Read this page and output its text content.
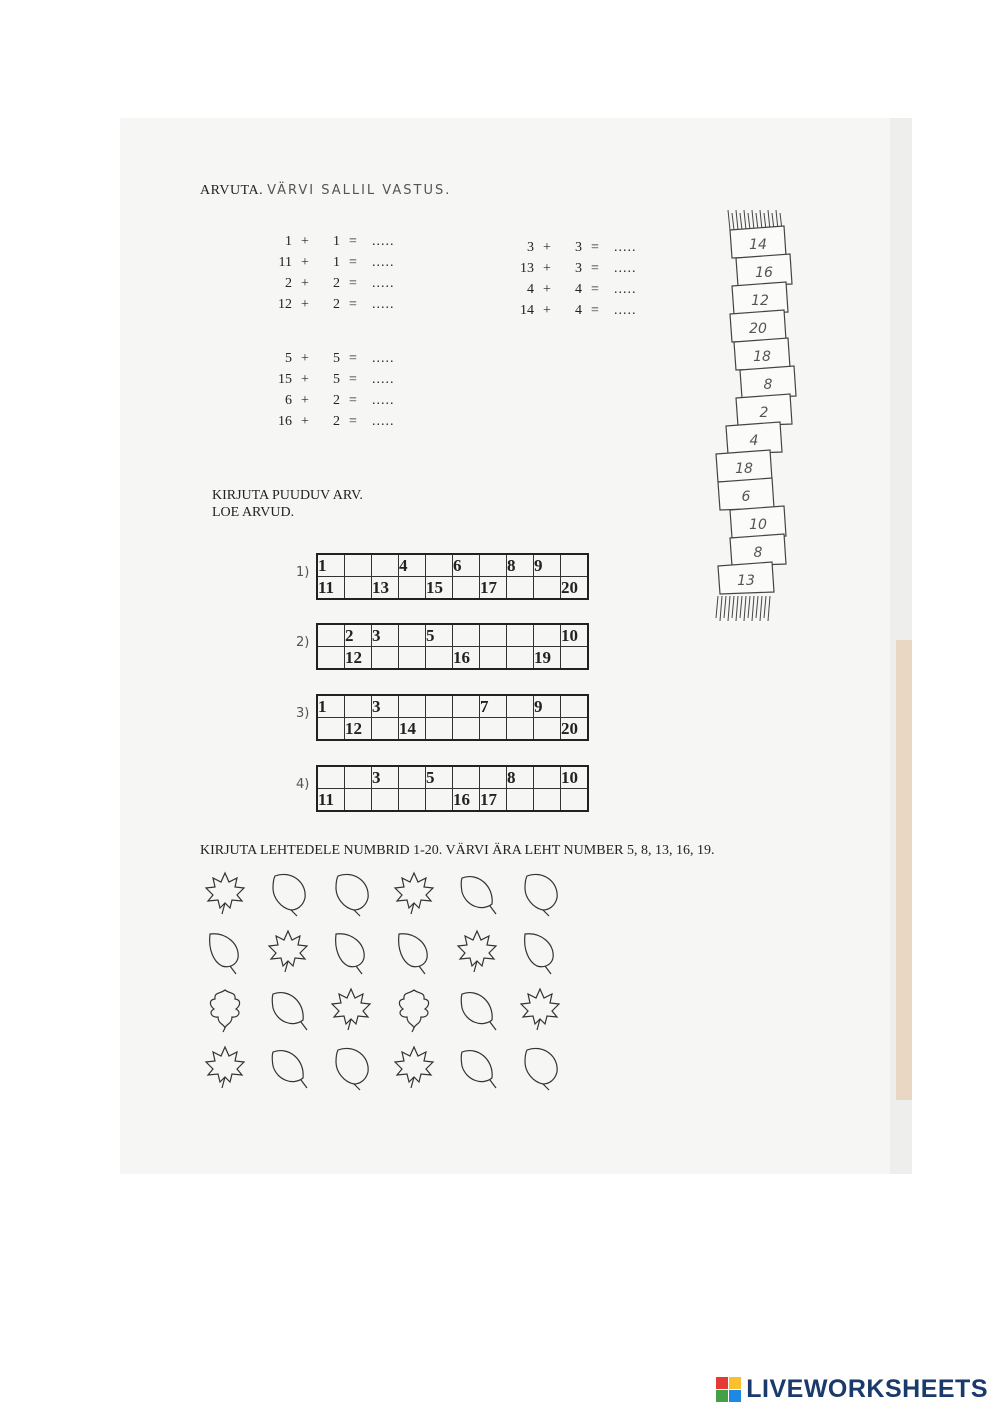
ARVUTA. VÄRVI SALLIL VASTUS.
1 +	1 =	.....
11 +	1 =	.....
2 +	2 =	.....
12 +	2 =	.....
3 +	3 =	.....
13 +	3 =	.....
4 +	4 =	.....
14 +	4 =	.....
5 +	5 =	.....
15 +	5 =	.....
6 +	2 =	.....
16 +	2 =	.....
14
16
12
20
18
8
2
4
18
6
10
8
13
KIRJUTA PUUDUV ARV.
LOE ARVUD.
1) 1			4		6		8	9	
11		13		15		17			20
2)
	2	3		5					10
	12				16			19	
3) 1		3				7		9	
	12		14						20
4)
			3		5			8		10
11					16	17			
KIRJUTA LEHTEDELE NUMBRID 1-20. VÄRVI ÄRA LEHT NUMBER 5, 8, 13, 16, 19.
LIVEWORKSHEETS
